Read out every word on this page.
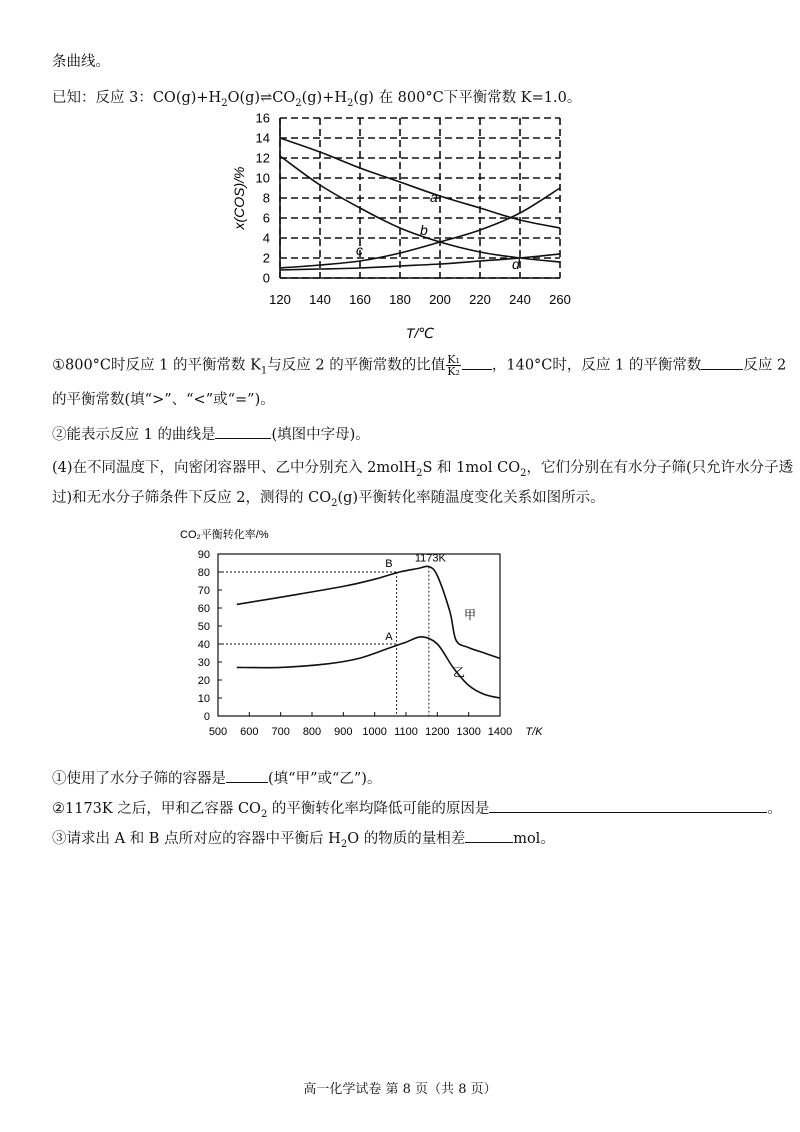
条曲线。
已知：反应 3：$CO(g)+H_2O(g)\rightleftharpoons CO_2(g)+H_2(g)$ 在 800°C下平衡常数 K=1.0。
120 140 160 180 200 220 240 260
0
2
4
6
8
10
12
14
16
a
b
c
d
T/℃
x(COS)/%
①800°C时反应 1 的平衡常数 $K_1$与反应 2 的平衡常数的比值 $\frac{\text{K₁}}{\text{K₂}}$ ，140°C时，反应 1 的平衡常数	反应 2
的平衡常数(填“>”、“<”或“=”)。
②能表示反应 1 的曲线是	(填图中字母)。
(4)在不同温度下，向密闭容器甲、乙中分别充入 2molH$_2$S 和 1mol $CO_2$，它们分别在有水分子筛(只允许水分子透
过)和无水分子筛条件下反应 2，测得的 $CO_2(g)$平衡转化率随温度变化关系如图所示。
500 600 700 800 900 1000 1100 1200 1300 1400
0
10
20
30
40
50
60
70
80
90
T/K
CO₂平衡转化率/%
甲
乙
A
B 1173K
①使用了水分子筛的容器是	(填“甲”或“乙”)。
②1173K 之后，甲和乙容器 $CO_2$ 的平衡转化率均降低可能的原因是	。
③请求出 A 和 B 点所对应的容器中平衡后 $H_2O$ 的物质的量相差	mol。
高一化学试卷 第 8 页（共 8 页）
